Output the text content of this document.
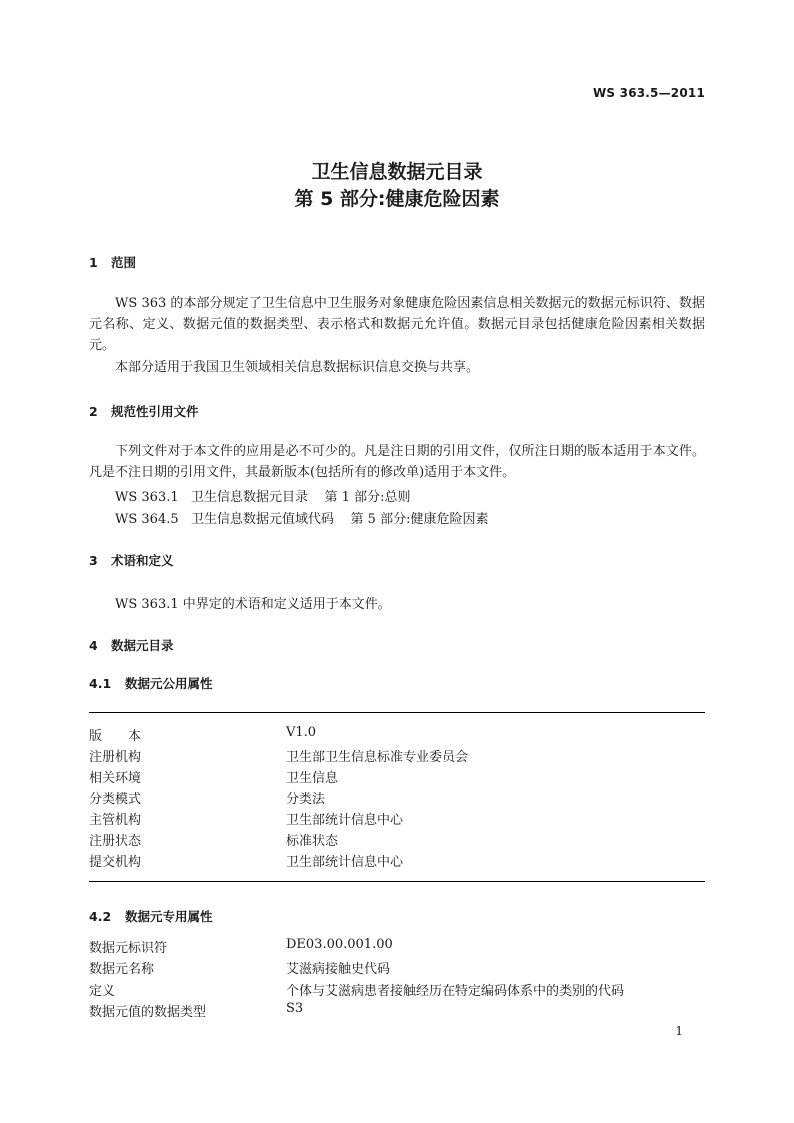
WS 363.5—2011
卫生信息数据元目录
第 5 部分:健康危险因素
1 范围
WS 363 的本部分规定了卫生信息中卫生服务对象健康危险因素信息相关数据元的数据元标识符、数据元名称、定义、数据元值的数据类型、表示格式和数据元允许值。数据元目录包括健康危险因素相关数据元。
本部分适用于我国卫生领域相关信息数据标识信息交换与共享。
2 规范性引用文件
下列文件对于本文件的应用是必不可少的。凡是注日期的引用文件，仅所注日期的版本适用于本文件。凡是不注日期的引用文件，其最新版本(包括所有的修改单)适用于本文件。
WS 363.1   卫生信息数据元目录    第 1 部分:总则
WS 364.5   卫生信息数据元值域代码    第 5 部分:健康危险因素
3 术语和定义
WS 363.1 中界定的术语和定义适用于本文件。
4 数据元目录
4.1 数据元公用属性
版　　本	V1.0
注册机构	卫生部卫生信息标准专业委员会
相关环境	卫生信息
分类模式	分类法
主管机构	卫生部统计信息中心
注册状态	标准状态
提交机构	卫生部统计信息中心
4.2 数据元专用属性
数据元标识符	DE03.00.001.00
数据元名称	艾滋病接触史代码
定义	个体与艾滋病患者接触经历在特定编码体系中的类别的代码
数据元值的数据类型	S3
1
